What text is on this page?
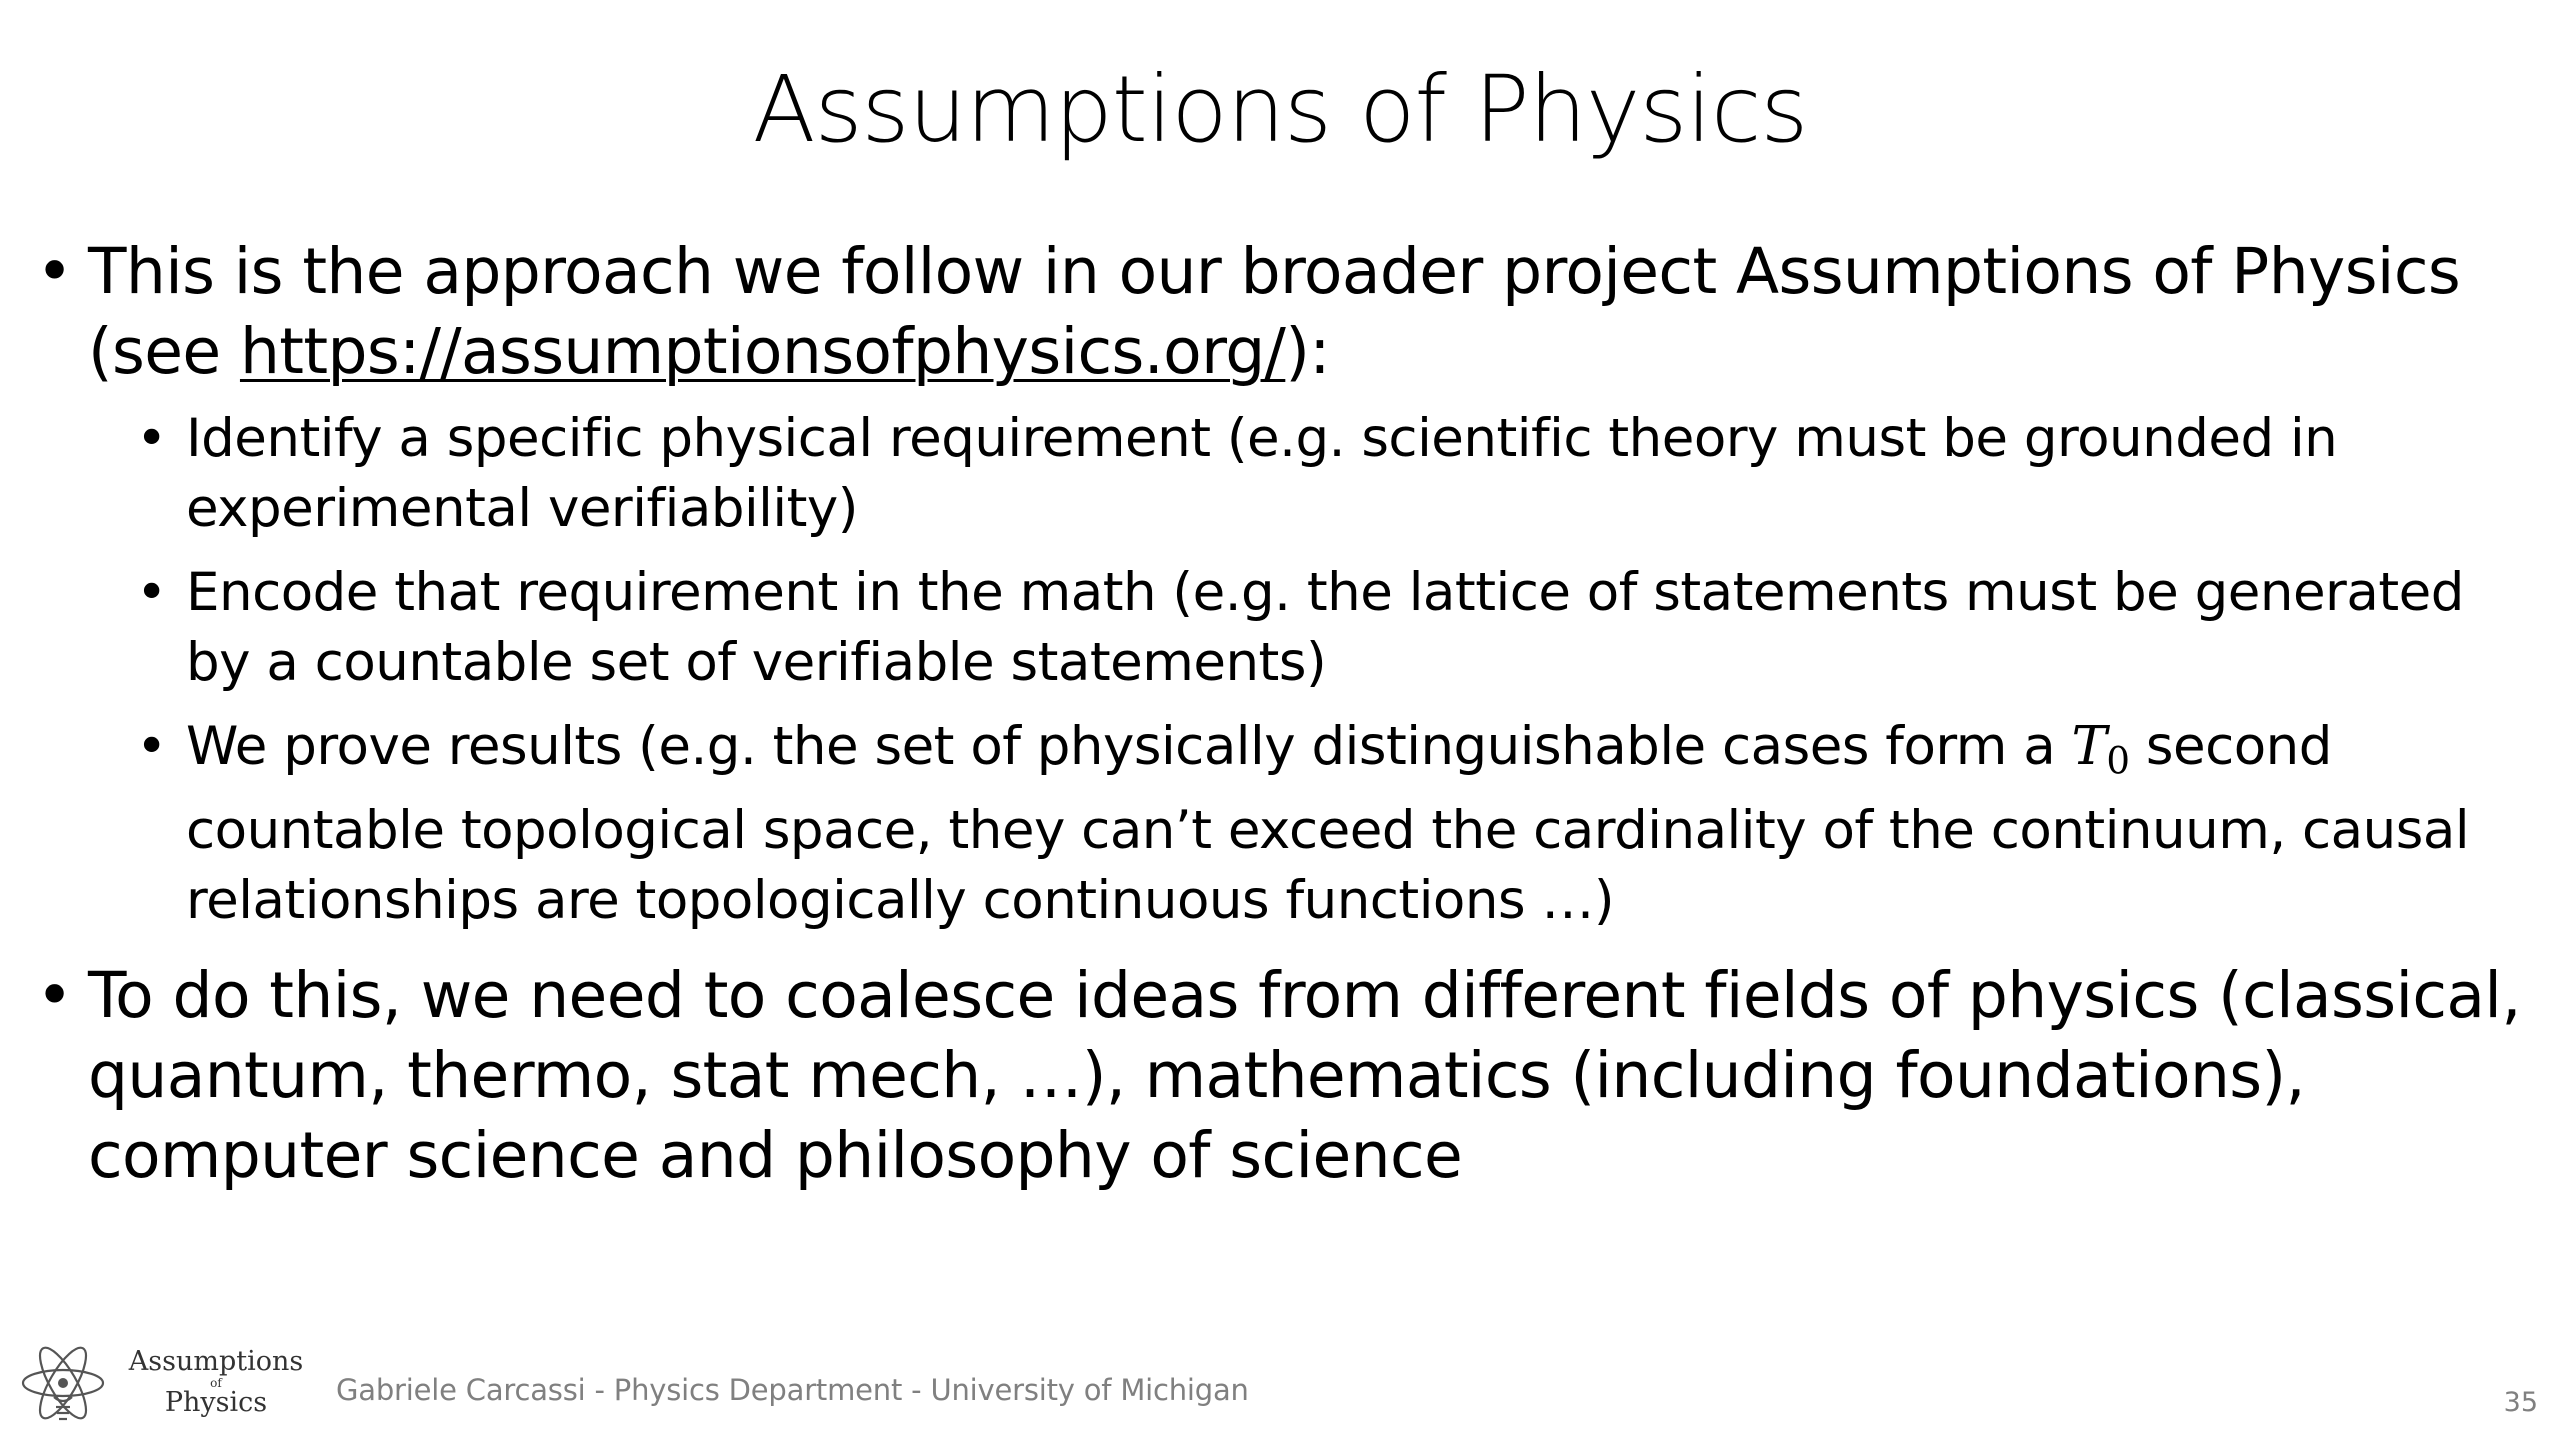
Assumptions of Physics
• This is the approach we follow in our broader project Assumptions of Physics (see https://assumptionsofphysics.org/):
• Identify a specific physical requirement (e.g. scientific theory must be grounded in experimental verifiability)
• Encode that requirement in the math (e.g. the lattice of statements must be generated by a countable set of verifiable statements)
• We prove results (e.g. the set of physically distinguishable cases form a $T_0$ second countable topological space, they can’t exceed the cardinality of the continuum, causal relationships are topologically continuous functions …)
• To do this, we need to coalesce ideas from different fields of physics (classical, quantum, thermo, stat mech, …), mathematics (including foundations), computer science and philosophy of science
Assumptions
of
Physics	Gabriele Carcassi - Physics Department - University of Michigan	35
